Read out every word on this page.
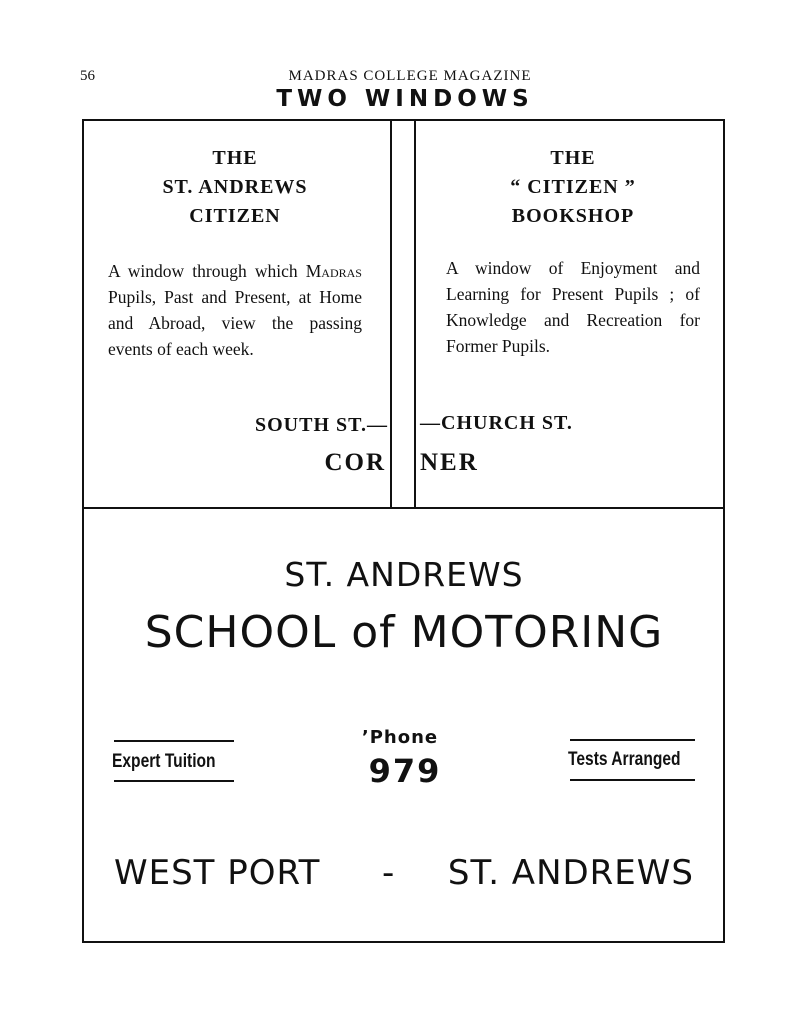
56	MADRAS COLLEGE MAGAZINE
TWO WINDOWS
THE
ST. ANDREWS
CITIZEN
A window through which Madras Pupils, Past and Present, at Home and Abroad, view the passing events of each week.
SOUTH ST.—
COR
THE
“ CITIZEN ”
BOOKSHOP
A window of Enjoyment and Learning for Present Pupils ; of Knowledge and Recreation for Former Pupils.
—CHURCH ST.
NER
ST. ANDREWS
SCHOOL of MOTORING
Expert Tuition
’Phone
979	Tests Arranged
WEST PORT - ST. ANDREWS
